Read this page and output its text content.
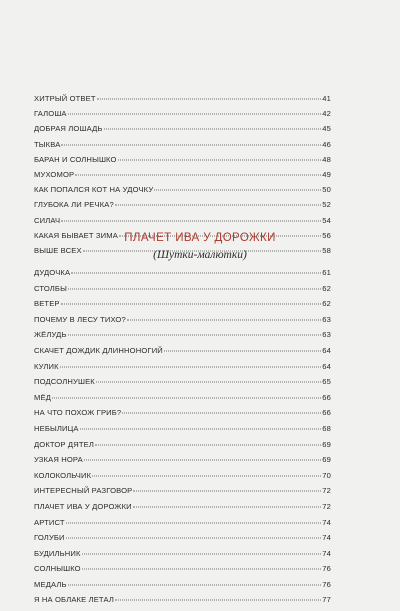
ХИТРЫЙ ОТВЕТ	41
ГАЛОША	42
ДОБРАЯ ЛОШАДЬ	45
ТЫКВА	46
БАРАН И СОЛНЫШКО	48
МУХОМОР	49
КАК ПОПАЛСЯ КОТ НА УДОЧКУ	50
ГЛУБОКА ЛИ РЕЧКА?	52
СИЛАЧ	54
КАКАЯ БЫВАЕТ ЗИМА	56
ВЫШЕ ВСЕХ	58
ПЛАЧЕТ ИВА У ДОРОЖКИ
(Шутки-малютки)
ДУДОЧКА	61
СТОЛБЫ	62
ВЕТЕР	62
ПОЧЕМУ В ЛЕСУ ТИХО?	63
ЖЁЛУДЬ	63
СКАЧЕТ ДОЖДИК ДЛИННОНОГИЙ	64
КУЛИК	64
ПОДСОЛНУШЕК	65
МЁД	66
НА ЧТО ПОХОЖ ГРИБ?	66
НЕБЫЛИЦА	68
ДОКТОР ДЯТЕЛ	69
УЗКАЯ НОРА	69
КОЛОКОЛЬЧИК	70
ИНТЕРЕСНЫЙ РАЗГОВОР	72
ПЛАЧЕТ ИВА У ДОРОЖКИ	72
АРТИСТ	74
ГОЛУБИ	74
БУДИЛЬНИК	74
СОЛНЫШКО	76
МЕДАЛЬ	76
Я НА ОБЛАКЕ ЛЕТАЛ	77
